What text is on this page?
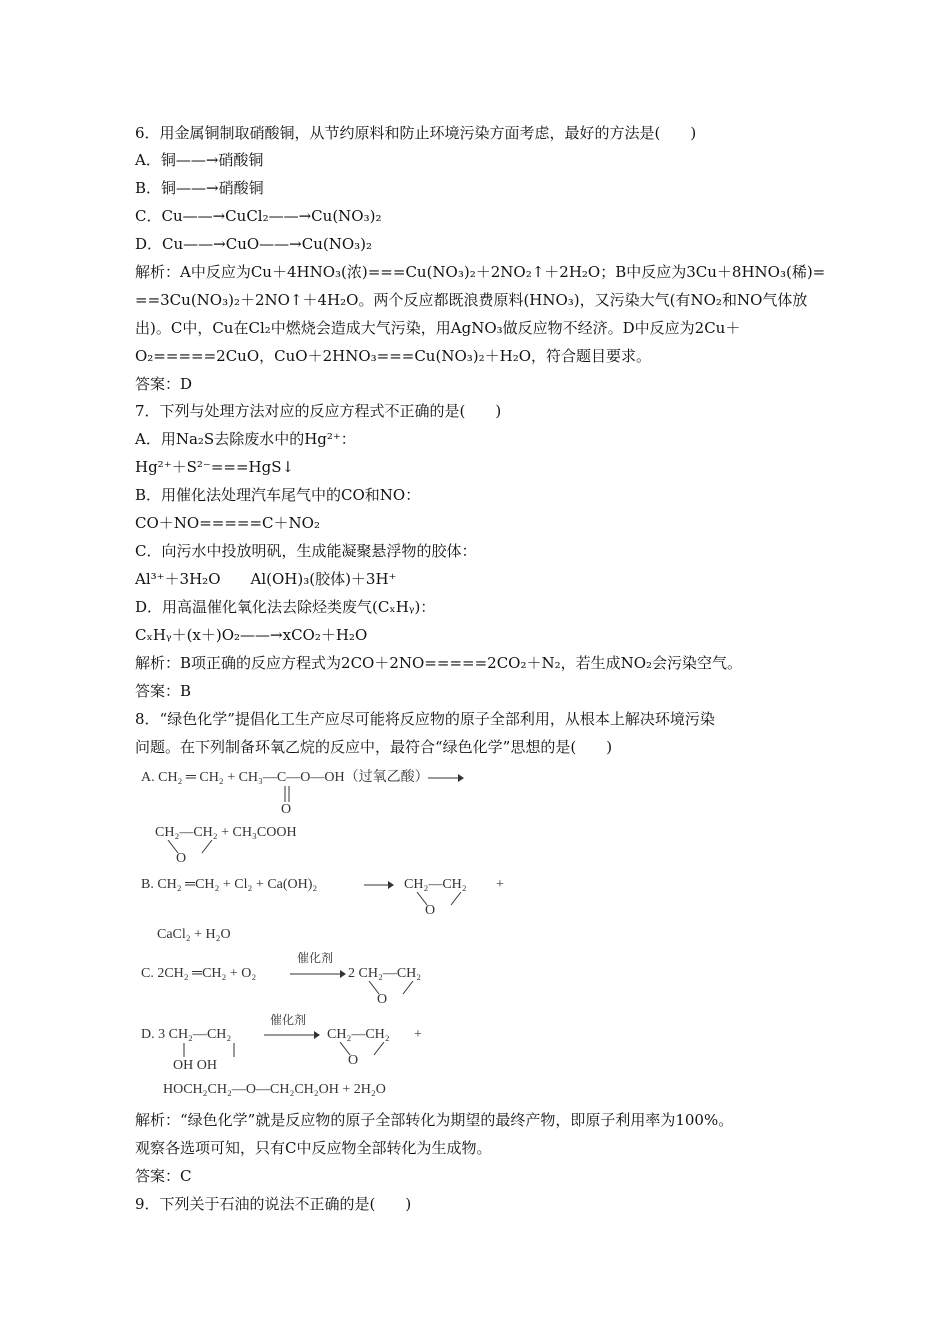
6．用金属铜制取硝酸铜，从节约原料和防止环境污染方面考虑，最好的方法是(　　)
A．铜——→硝酸铜
B．铜——→硝酸铜
C．Cu——→CuCl₂——→Cu(NO₃)₂
D．Cu——→CuO——→Cu(NO₃)₂
解析：A中反应为Cu＋4HNO₃(浓)===Cu(NO₃)₂＋2NO₂↑＋2H₂O；B中反应为3Cu＋8HNO₃(稀)=
==3Cu(NO₃)₂＋2NO↑＋4H₂O。两个反应都既浪费原料(HNO₃)，又污染大气(有NO₂和NO气体放
出)。C中，Cu在Cl₂中燃烧会造成大气污染，用AgNO₃做反应物不经济。D中反应为2Cu＋
O₂=====2CuO，CuO＋2HNO₃===Cu(NO₃)₂＋H₂O，符合题目要求。
答案：D
7．下列与处理方法对应的反应方程式不正确的是(　　)
A．用Na₂S去除废水中的Hg²⁺：
Hg²⁺＋S²⁻===HgS↓
B．用催化法处理汽车尾气中的CO和NO：
CO＋NO=====C＋NO₂
C．向污水中投放明矾，生成能凝聚悬浮物的胶体：
Al³⁺＋3H₂O　　Al(OH)₃(胶体)＋3H⁺
D．用高温催化氧化法去除烃类废气(CₓHᵧ)：
CₓHᵧ＋(x＋)O₂——→xCO₂＋H₂O
解析：B项正确的反应方程式为2CO＋2NO=====2CO₂＋N₂，若生成NO₂会污染空气。
答案：B
8．“绿色化学”提倡化工生产应尽可能将反应物的原子全部利用，从根本上解决环境污染
问题。在下列制备环氧乙烷的反应中，最符合“绿色化学”思想的是(　　)
A. CH₂ ═ CH₂ + CH₃—C—O—OH（过氧乙酸）
O
CH₂—CH₂ + CH₃COOH
O
B. CH₂ ═CH₂ + Cl₂ + Ca(OH)₂	CH₂—CH₂ +
O
CaCl₂ + H₂O
C. 2CH₂ ═CH₂ + O₂
催化剂
2 CH₂—CH₂
O
D. 3 CH₂—CH₂
催化剂
CH₂—CH₂ +
OH OH	O
HOCH₂CH₂—O—CH₂CH₂OH + 2H₂O
解析：“绿色化学”就是反应物的原子全部转化为期望的最终产物，即原子利用率为100%。
观察各选项可知，只有C中反应物全部转化为生成物。
答案：C
9．下列关于石油的说法不正确的是(　　)
